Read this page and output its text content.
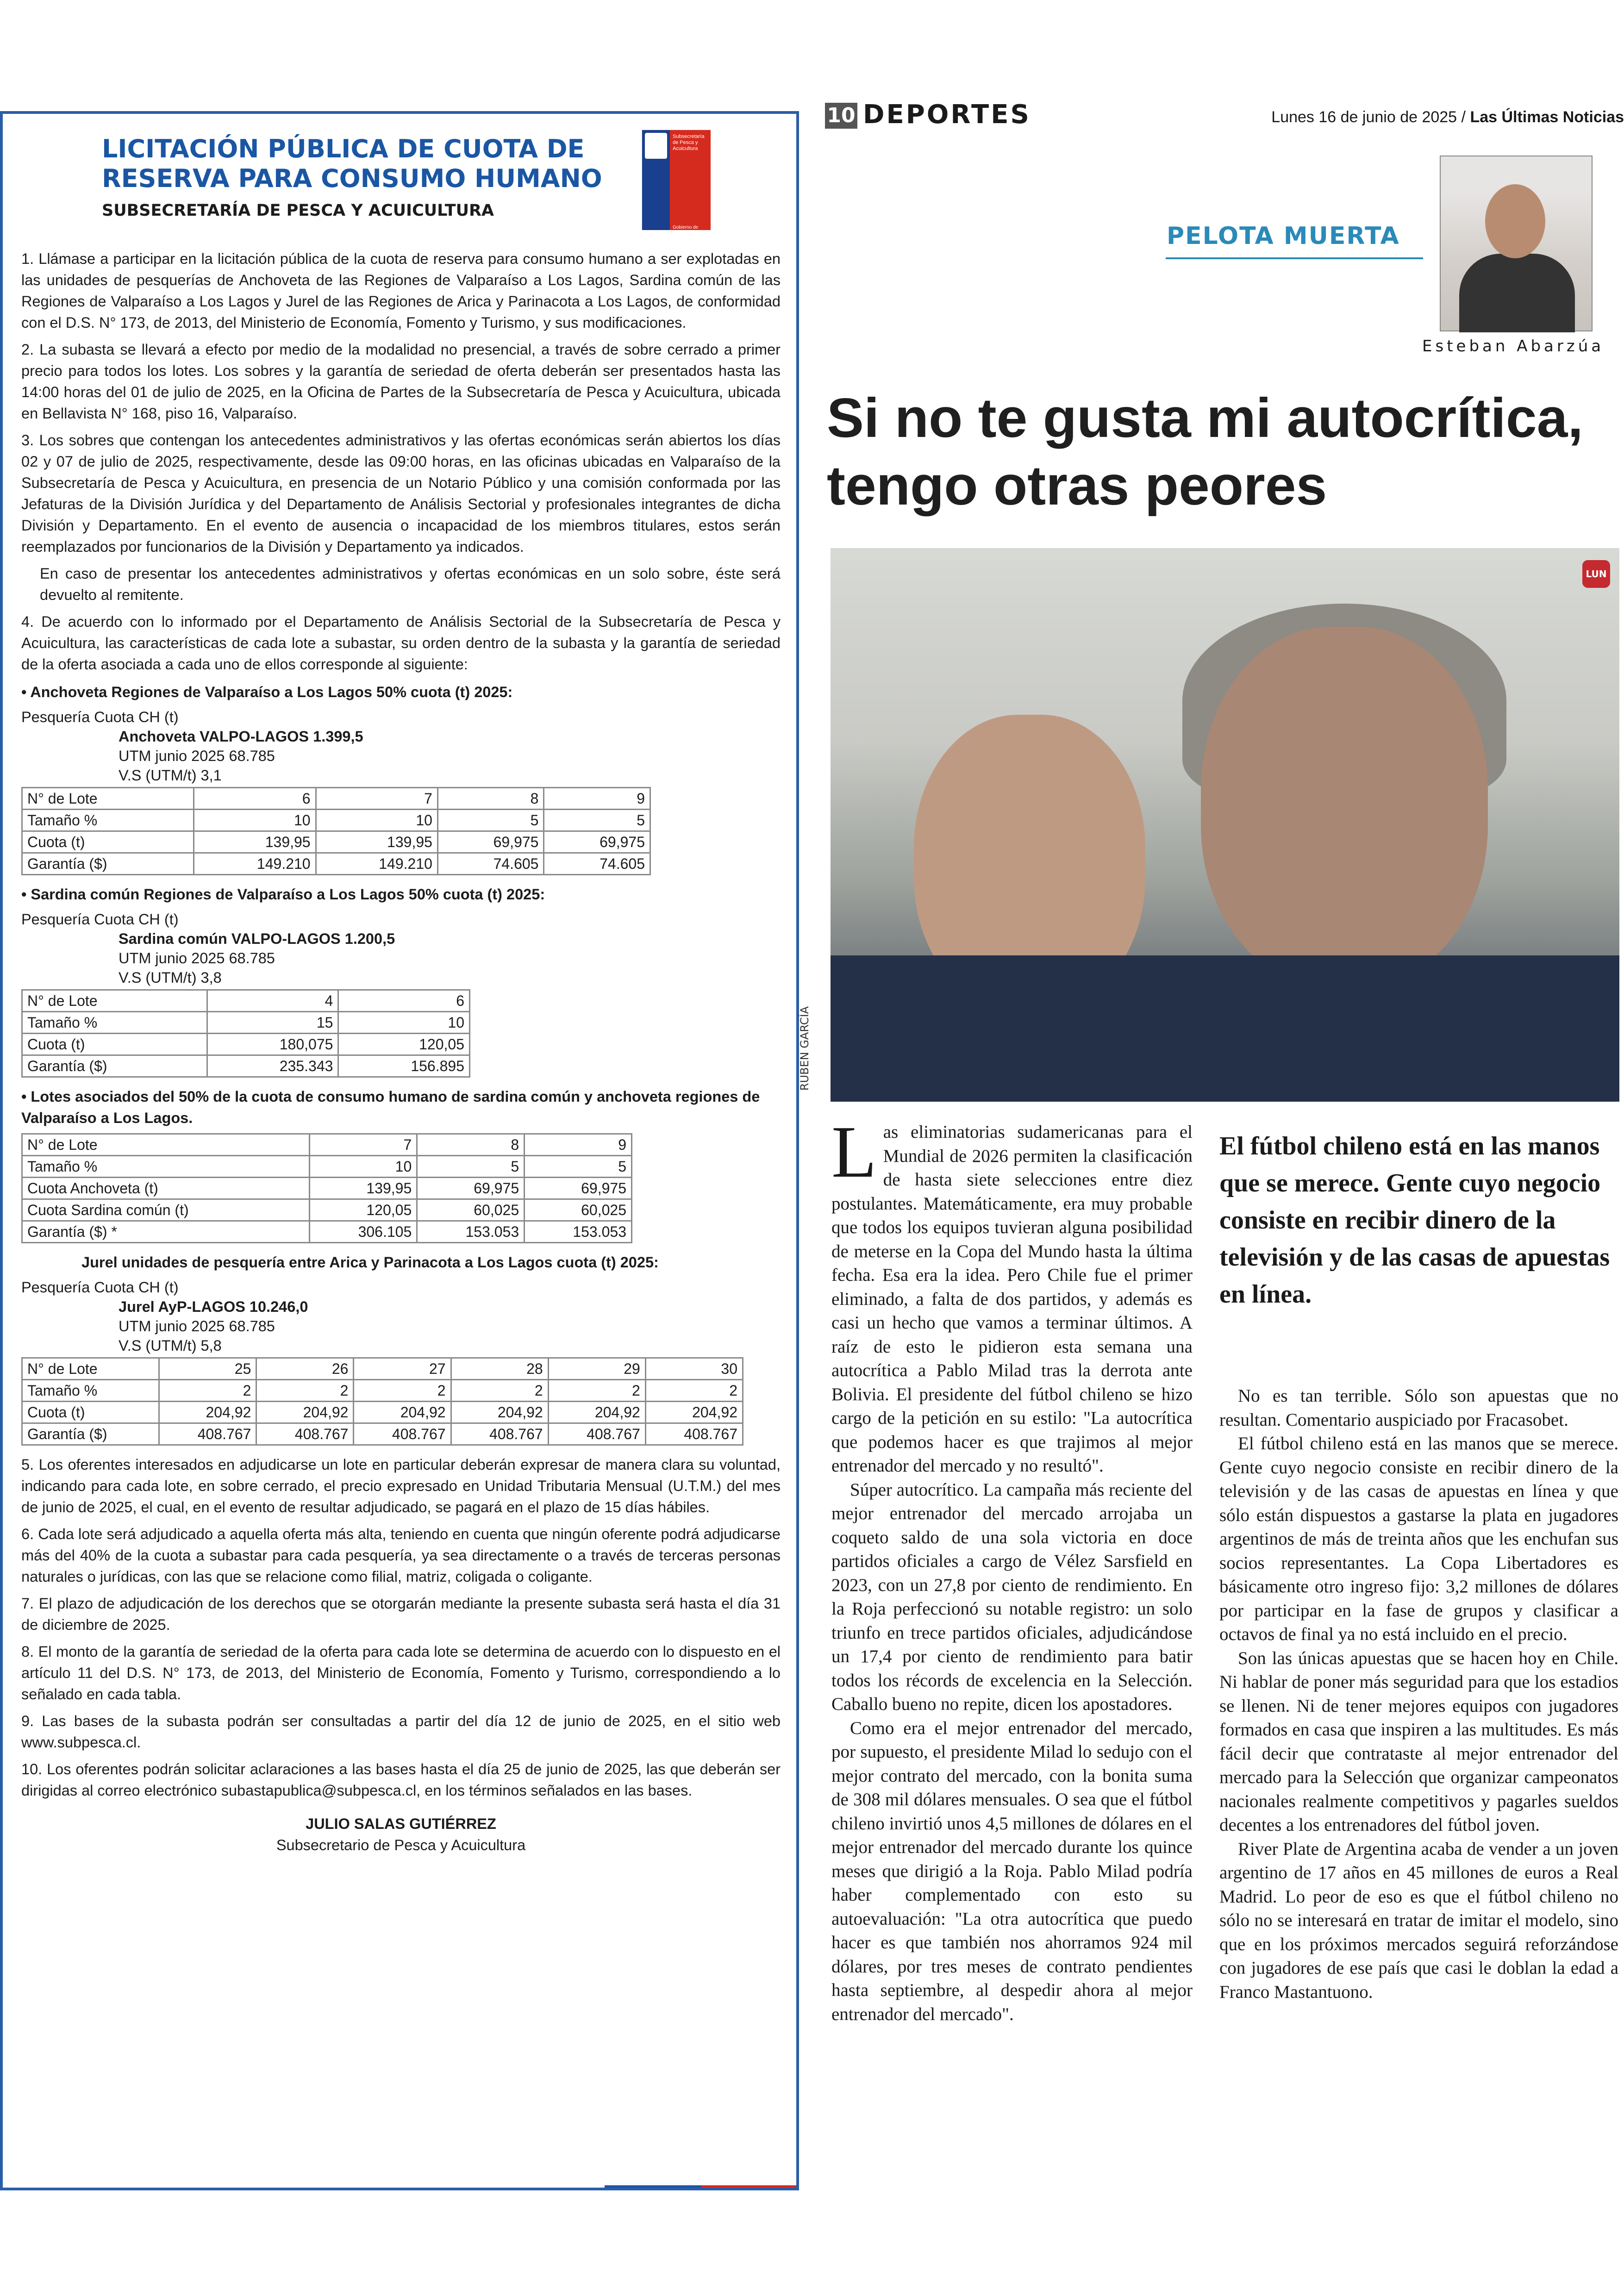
LICITACIÓN PÚBLICA DE CUOTA DE
RESERVA PARA CONSUMO HUMANO
SUBSECRETARÍA DE PESCA Y ACUICULTURA
Subsecretaría de Pesca y Acuicultura
Gobierno de Chile

1. Llámase a participar en la licitación pública de la cuota de reserva para consumo humano a ser explotadas en las unidades de pesquerías de Anchoveta de las Regiones de Valparaíso a Los Lagos, Sardina común de las Regiones de Valparaíso a Los Lagos y Jurel de las Regiones de Arica y Parinacota a Los Lagos, de conformidad con el D.S. N° 173, de 2013, del Ministerio de Economía, Fomento y Turismo, y sus modificaciones.

2. La subasta se llevará a efecto por medio de la modalidad no presencial, a través de sobre cerrado a primer precio para todos los lotes. Los sobres y la garantía de seriedad de oferta deberán ser presentados hasta las 14:00 horas del 01 de julio de 2025, en la Oficina de Partes de la Subsecretaría de Pesca y Acuicultura, ubicada en Bellavista N° 168, piso 16, Valparaíso.

3. Los sobres que contengan los antecedentes administrativos y las ofertas económicas serán abiertos los días 02 y 07 de julio de 2025, respectivamente, desde las 09:00 horas, en las oficinas ubicadas en Valparaíso de la Subsecretaría de Pesca y Acuicultura, en presencia de un Notario Público y una comisión conformada por las Jefaturas de la División Jurídica y del Departamento de Análisis Sectorial y profesionales integrantes de dicha División y Departamento. En el evento de ausencia o incapacidad de los miembros titulares, estos serán reemplazados por funcionarios de la División y Departamento ya indicados.

En caso de presentar los antecedentes administrativos y ofertas económicas en un solo sobre, éste será devuelto al remitente.

4. De acuerdo con lo informado por el Departamento de Análisis Sectorial de la Subsecretaría de Pesca y Acuicultura, las características de cada lote a subastar, su orden dentro de la subasta y la garantía de seriedad de la oferta asociada a cada uno de ellos corresponde al siguiente:

• Anchoveta Regiones de Valparaíso a Los Lagos 50% cuota (t) 2025:
Pesquería Cuota CH (t)
Anchoveta VALPO-LAGOS 1.399,5
UTM junio 2025 68.785
V.S (UTM/t) 3,1
N° de Lote	6	7	8	9
Tamaño %	10	10	5	5
Cuota (t)	139,95	139,95	69,975	69,975
Garantía ($)	149.210	149.210	74.605	74.605
• Sardina común Regiones de Valparaíso a Los Lagos 50% cuota (t) 2025:
Pesquería Cuota CH (t)
Sardina común VALPO-LAGOS 1.200,5
UTM junio 2025 68.785
V.S (UTM/t) 3,8
N° de Lote	4	6
Tamaño %	15	10
Cuota (t)	180,075	120,05
Garantía ($)	235.343	156.895
• Lotes asociados del 50% de la cuota de consumo humano de sardina común y anchoveta regiones de Valparaíso a Los Lagos.
N° de Lote	7	8	9
Tamaño %	10	5	5
Cuota Anchoveta (t)	139,95	69,975	69,975
Cuota Sardina común (t)	120,05	60,025	60,025
Garantía ($) *	306.105	153.053	153.053
Jurel unidades de pesquería entre Arica y Parinacota a Los Lagos cuota (t) 2025:
Pesquería Cuota CH (t)
Jurel AyP-LAGOS 10.246,0
UTM junio 2025 68.785
V.S (UTM/t) 5,8
N° de Lote	25	26	27	28	29	30
Tamaño %	2	2	2	2	2	2
Cuota (t)	204,92	204,92	204,92	204,92	204,92	204,92
Garantía ($)	408.767	408.767	408.767	408.767	408.767	408.767

5. Los oferentes interesados en adjudicarse un lote en particular deberán expresar de manera clara su voluntad, indicando para cada lote, en sobre cerrado, el precio expresado en Unidad Tributaria Mensual (U.T.M.) del mes de junio de 2025, el cual, en el evento de resultar adjudicado, se pagará en el plazo de 15 días hábiles.

6. Cada lote será adjudicado a aquella oferta más alta, teniendo en cuenta que ningún oferente podrá adjudicarse más del 40% de la cuota a subastar para cada pesquería, ya sea directamente o a través de terceras personas naturales o jurídicas, con las que se relacione como filial, matriz, coligada o coligante.

7. El plazo de adjudicación de los derechos que se otorgarán mediante la presente subasta será hasta el día 31 de diciembre de 2025.

8. El monto de la garantía de seriedad de la oferta para cada lote se determina de acuerdo con lo dispuesto en el artículo 11 del D.S. N° 173, de 2013, del Ministerio de Economía, Fomento y Turismo, correspondiendo a lo señalado en cada tabla.

9. Las bases de la subasta podrán ser consultadas a partir del día 12 de junio de 2025, en el sitio web www.subpesca.cl.

10. Los oferentes podrán solicitar aclaraciones a las bases hasta el día 25 de junio de 2025, las que deberán ser dirigidas al correo electrónico subastapublica@subpesca.cl, en los términos señalados en las bases.

JULIO SALAS GUTIÉRREZ
Subsecretario de Pesca y Acuicultura
10 DEPORTES	Lunes 16 de junio de 2025 / Las Últimas Noticias
PELOTA MUERTA
Esteban Abarzúa
Si no te gusta mi autocrítica,
tengo otras peores
LUN
RUBEN GARCÍA

Las eliminatorias sudamericanas para el Mundial de 2026 permiten la clasificación de hasta siete selecciones entre diez postulantes. Matemáticamente, era muy probable que todos los equipos tuvieran alguna posibilidad de meterse en la Copa del Mundo hasta la última fecha. Esa era la idea. Pero Chile fue el primer eliminado, a falta de dos partidos, y además es casi un hecho que vamos a terminar últimos. A raíz de esto le pidieron esta semana una autocrítica a Pablo Milad tras la derrota ante Bolivia. El presidente del fútbol chileno se hizo cargo de la petición en su estilo: "La autocrítica que podemos hacer es que trajimos al mejor entrenador del mercado y no resultó".

Súper autocrítico. La campaña más reciente del mejor entrenador del mercado arrojaba un coqueto saldo de una sola victoria en doce partidos oficiales a cargo de Vélez Sarsfield en 2023, con un 27,8 por ciento de rendimiento. En la Roja perfeccionó su notable registro: un solo triunfo en trece partidos oficiales, adjudicándose un 17,4 por ciento de rendimiento para batir todos los récords de excelencia en la Selección. Caballo bueno no repite, dicen los apostadores.

Como era el mejor entrenador del mercado, por supuesto, el presidente Milad lo sedujo con el mejor contrato del mercado, con la bonita suma de 308 mil dólares mensuales. O sea que el fútbol chileno invirtió unos 4,5 millones de dólares en el mejor entrenador del mercado durante los quince meses que dirigió a la Roja. Pablo Milad podría haber complementado con esto su autoevaluación: "La otra autocrítica que puedo hacer es que también nos ahorramos 924 mil dólares, por tres meses de contrato pendientes hasta septiembre, al despedir ahora al mejor entrenador del mercado".

El fútbol chileno está en las manos que se merece. Gente cuyo negocio consiste en recibir dinero de la televisión y de las casas de apuestas en línea.

No es tan terrible. Sólo son apuestas que no resultan. Comentario auspiciado por Fracasobet.

El fútbol chileno está en las manos que se merece. Gente cuyo negocio consiste en recibir dinero de la televisión y de las casas de apuestas en línea y que sólo están dispuestos a gastarse la plata en jugadores argentinos de más de treinta años que les enchufan sus socios representantes. La Copa Libertadores es básicamente otro ingreso fijo: 3,2 millones de dólares por participar en la fase de grupos y clasificar a octavos de final ya no está incluido en el precio.

Son las únicas apuestas que se hacen hoy en Chile. Ni hablar de poner más seguridad para que los estadios se llenen. Ni de tener mejores equipos con jugadores formados en casa que inspiren a las multitudes. Es más fácil decir que contrataste al mejor entrenador del mercado para la Selección que organizar campeonatos nacionales realmente competitivos y pagarles sueldos decentes a los entrenadores del fútbol joven.

River Plate de Argentina acaba de vender a un joven argentino de 17 años en 45 millones de euros a Real Madrid. Lo peor de eso es que el fútbol chileno no sólo no se interesará en tratar de imitar el modelo, sino que en los próximos mercados seguirá reforzándose con jugadores de ese país que casi le doblan la edad a Franco Mastantuono.
